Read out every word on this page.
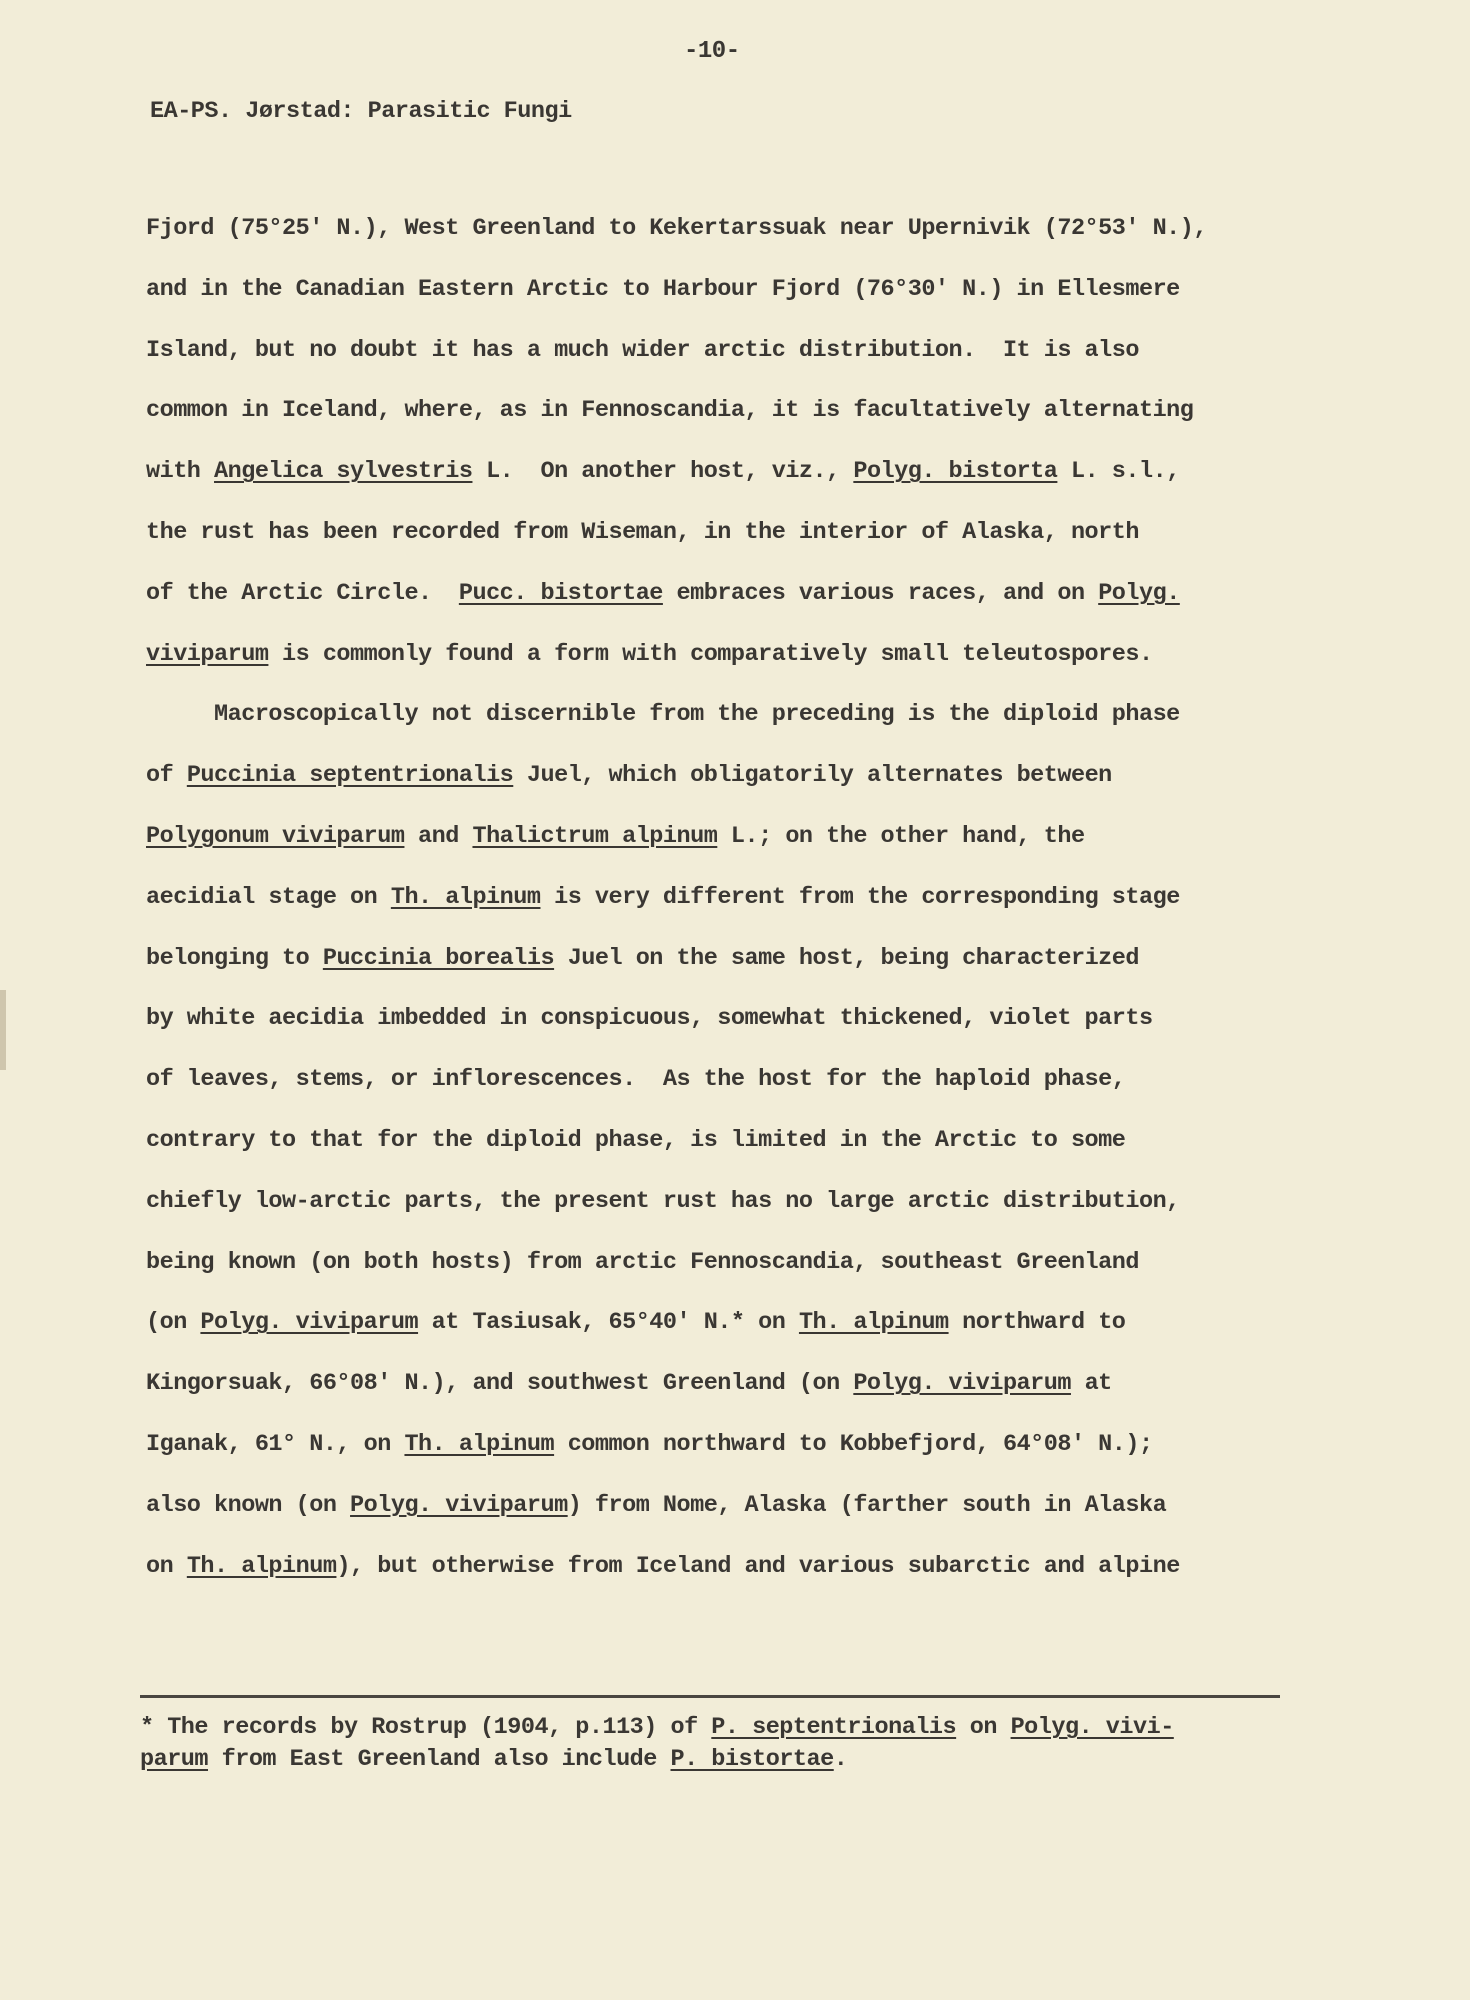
-10-
EA-PS. Jørstad: Parasitic Fungi
Fjord (75°25' N.), West Greenland to Kekertarssuak near Upernivik (72°53' N.),
and in the Canadian Eastern Arctic to Harbour Fjord (76°30' N.) in Ellesmere
Island, but no doubt it has a much wider arctic distribution.  It is also
common in Iceland, where, as in Fennoscandia, it is facultatively alternating
with Angelica sylvestris L.  On another host, viz., Polyg. bistorta L. s.l.,
the rust has been recorded from Wiseman, in the interior of Alaska, north
of the Arctic Circle.  Pucc. bistortae embraces various races, and on Polyg.
viviparum is commonly found a form with comparatively small teleutospores.
Macroscopically not discernible from the preceding is the diploid phase
of Puccinia septentrionalis Juel, which obligatorily alternates between
Polygonum viviparum and Thalictrum alpinum L.; on the other hand, the
aecidial stage on Th. alpinum is very different from the corresponding stage
belonging to Puccinia borealis Juel on the same host, being characterized
by white aecidia imbedded in conspicuous, somewhat thickened, violet parts
of leaves, stems, or inflorescences.  As the host for the haploid phase,
contrary to that for the diploid phase, is limited in the Arctic to some
chiefly low-arctic parts, the present rust has no large arctic distribution,
being known (on both hosts) from arctic Fennoscandia, southeast Greenland
(on Polyg. viviparum at Tasiusak, 65°40' N.* on Th. alpinum northward to
Kingorsuak, 66°08' N.), and southwest Greenland (on Polyg. viviparum at
Iganak, 61° N., on Th. alpinum common northward to Kobbefjord, 64°08' N.);
also known (on Polyg. viviparum) from Nome, Alaska (farther south in Alaska
on Th. alpinum), but otherwise from Iceland and various subarctic and alpine
* The records by Rostrup (1904, p.113) of P. septentrionalis on Polyg. vivi-
parum from East Greenland also include P. bistortae.
